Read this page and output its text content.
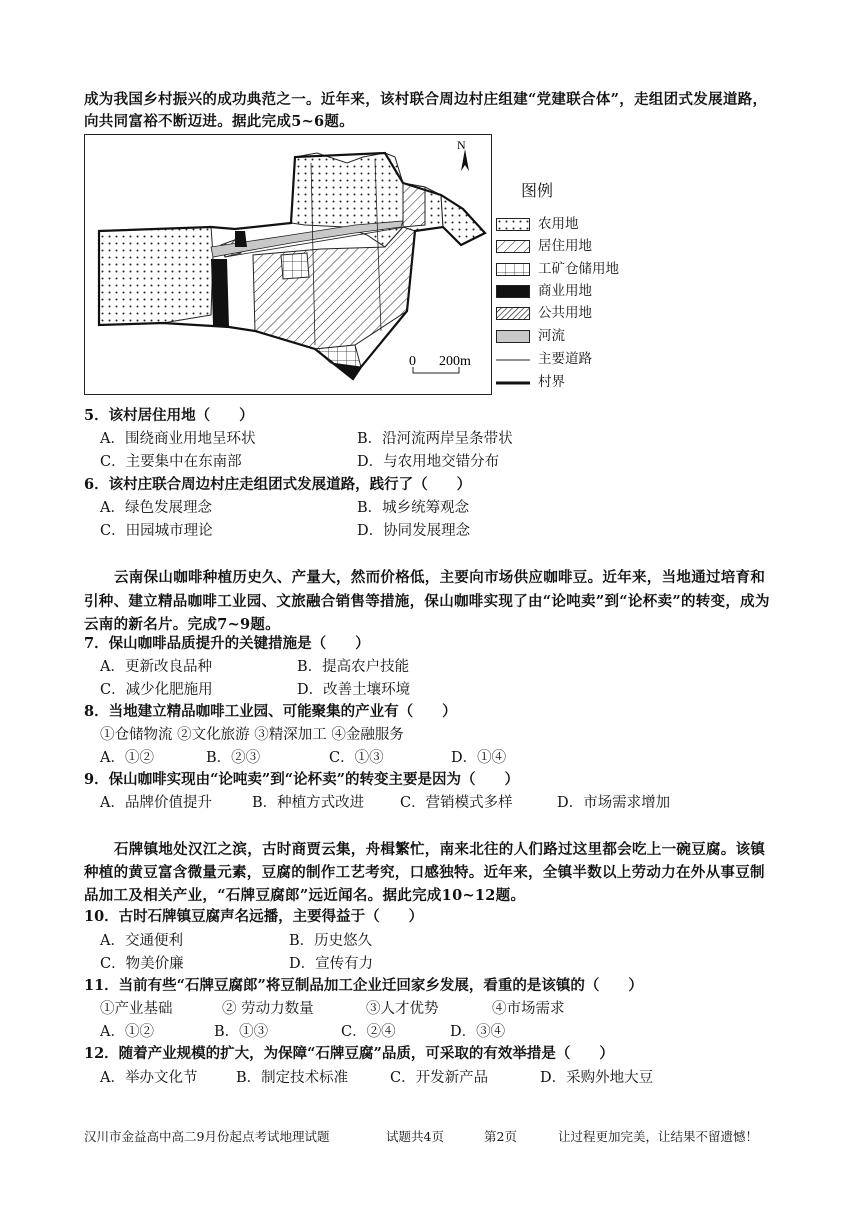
成为我国乡村振兴的成功典范之一。近年来，该村联合周边村庄组建“党建联合体”，走组团式发展道路，
向共同富裕不断迈进。据此完成5~6题。
N
0 200m
图例
农用地
居住用地
工矿仓储用地
商业用地
公共用地
河流
主要道路
村界
5．该村居住用地（　　）
A．围绕商业用地呈环状	B．沿河流两岸呈条带状
C．主要集中在东南部	D．与农用地交错分布
6．该村庄联合周边村庄走组团式发展道路，践行了（　　）
A．绿色发展理念	B．城乡统筹观念
C．田园城市理论	D．协同发展理念
云南保山咖啡种植历史久、产量大，然而价格低，主要向市场供应咖啡豆。近年来，当地通过培育和
引种、建立精品咖啡工业园、文旅融合销售等措施，保山咖啡实现了由“论吨卖”到“论杯卖”的转变，成为
云南的新名片。完成7~9题。
7．保山咖啡品质提升的关键措施是（　　）
A．更新改良品种	B．提高农户技能
C．减少化肥施用	D．改善土壤环境
8．当地建立精品咖啡工业园、可能聚集的产业有（　　）
①仓储物流 ②文化旅游 ③精深加工 ④金融服务
A．①②	B．②③	C．①③	D．①④
9．保山咖啡实现由“论吨卖”到“论杯卖”的转变主要是因为（　　）
A．品牌价值提升	B．种植方式改进 C．营销模式多样	D．市场需求增加
石牌镇地处汉江之滨，古时商贾云集，舟楫繁忙，南来北往的人们路过这里都会吃上一碗豆腐。该镇
种植的黄豆富含微量元素，豆腐的制作工艺考究，口感独特。近年来，全镇半数以上劳动力在外从事豆制
品加工及相关产业，“石牌豆腐郎”远近闻名。据此完成10~12题。
10．古时石牌镇豆腐声名远播，主要得益于（　　）
A．交通便利	B．历史悠久
C．物美价廉	D．宣传有力
11．当前有些“石牌豆腐郎”将豆制品加工企业迁回家乡发展，看重的是该镇的（　　）
①产业基础	② 劳动力数量	③人才优势	④市场需求
A．①②	B．①③	C．②④	D．③④
12．随着产业规模的扩大，为保障“石牌豆腐”品质，可采取的有效举措是（　　）
A．举办文化节	B．制定技术标准	C．开发新产品	D．采购外地大豆
汉川市金益高中高二9月份起点考试地理试题	试题共4页	第2页	让过程更加完美，让结果不留遗憾！
